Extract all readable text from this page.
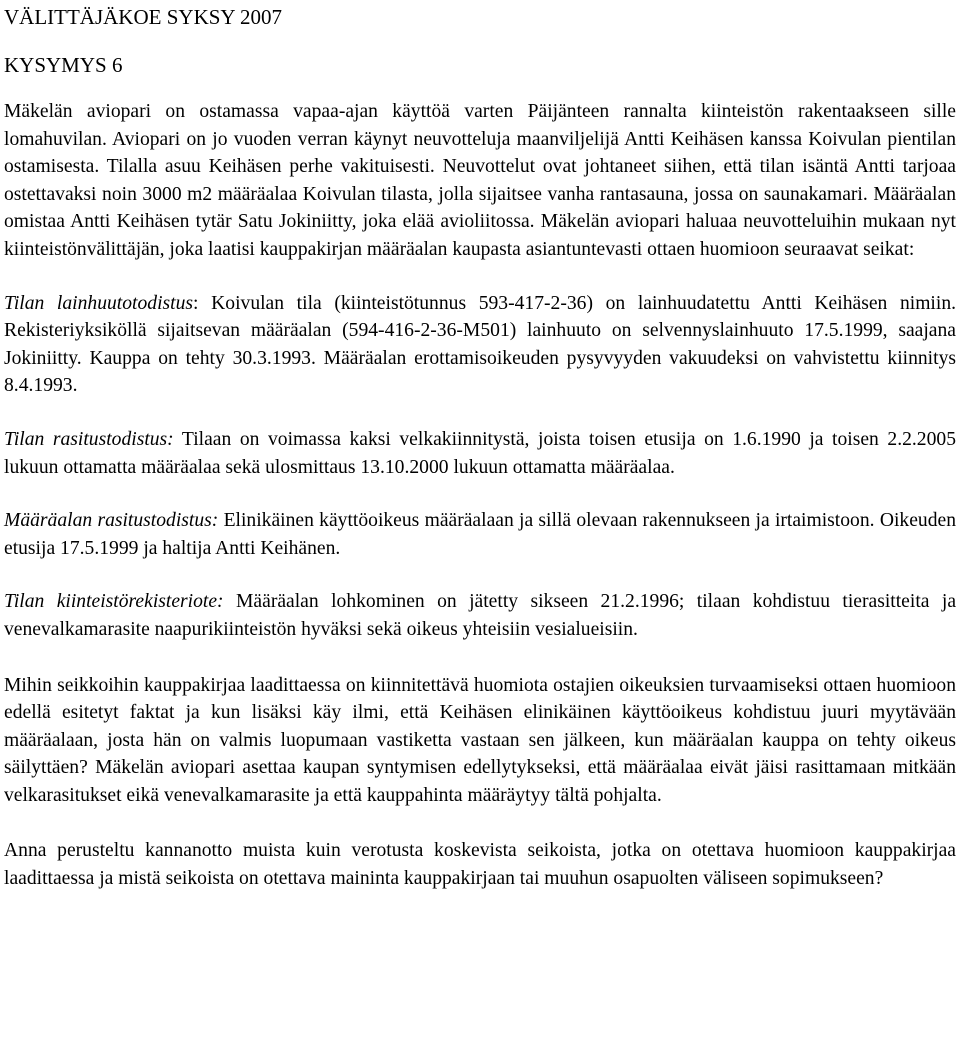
VÄLITTÄJÄKOE SYKSY 2007
KYSYMYS 6

Mäkelän aviopari on ostamassa vapaa-ajan käyttöä varten Päijänteen rannalta kiinteistön rakentaakseen sille lomahuvilan. Aviopari on jo vuoden verran käynyt neuvotteluja maanviljelijä Antti Keihäsen kanssa Koivulan pientilan ostamisesta. Tilalla asuu Keihäsen perhe vakituisesti. Neuvottelut ovat johtaneet siihen, että tilan isäntä Antti tarjoaa ostettavaksi noin 3000 m2 määräalaa Koivulan tilasta, jolla sijaitsee vanha rantasauna, jossa on saunakamari. Määräalan omistaa Antti Keihäsen tytär Satu Jokiniitty, joka elää avioliitossa. Mäkelän aviopari haluaa neuvotteluihin mukaan nyt kiinteistönvälittäjän, joka laatisi kauppakirjan määräalan kaupasta asiantuntevasti ottaen huomioon seuraavat seikat:

Tilan lainhuutotodistus: Koivulan tila (kiinteistötunnus 593-417-2-36) on lainhuudatettu Antti Keihäsen nimiin. Rekisteriyksiköllä sijaitsevan määräalan (594-416-2-36-M501) lainhuuto on selvennyslainhuuto 17.5.1999, saajana Jokiniitty. Kauppa on tehty 30.3.1993. Määräalan erottamisoikeuden pysyvyyden vakuudeksi on vahvistettu kiinnitys 8.4.1993.

Tilan rasitustodistus: Tilaan on voimassa kaksi velkakiinnitystä, joista toisen etusija on 1.6.1990 ja toisen 2.2.2005 lukuun ottamatta määräalaa sekä ulosmittaus 13.10.2000 lukuun ottamatta määräalaa.

Määräalan rasitustodistus: Elinikäinen käyttöoikeus määräalaan ja sillä olevaan rakennukseen ja irtaimistoon. Oikeuden etusija 17.5.1999 ja haltija Antti Keihänen.

Tilan kiinteistörekisteriote: Määräalan lohkominen on jätetty sikseen 21.2.1996; tilaan kohdistuu tierasitteita ja venevalkamarasite naapurikiinteistön hyväksi sekä oikeus yhteisiin vesialueisiin.

Mihin seikkoihin kauppakirjaa laadittaessa on kiinnitettävä huomiota ostajien oikeuksien turvaamiseksi ottaen huomioon edellä esitetyt faktat ja kun lisäksi käy ilmi, että Keihäsen elinikäinen käyttöoikeus kohdistuu juuri myytävään määräalaan, josta hän on valmis luopumaan vastiketta vastaan sen jälkeen, kun määräalan kauppa on tehty oikeus säilyttäen? Mäkelän aviopari asettaa kaupan syntymisen edellytykseksi, että määräalaa eivät jäisi rasittamaan mitkään velkarasitukset eikä venevalkamarasite ja että kauppahinta määräytyy tältä pohjalta.

Anna perusteltu kannanotto muista kuin verotusta koskevista seikoista, jotka on otettava huomioon kauppakirjaa laadittaessa ja mistä seikoista on otettava maininta kauppakirjaan tai muuhun osapuolten väliseen sopimukseen?
